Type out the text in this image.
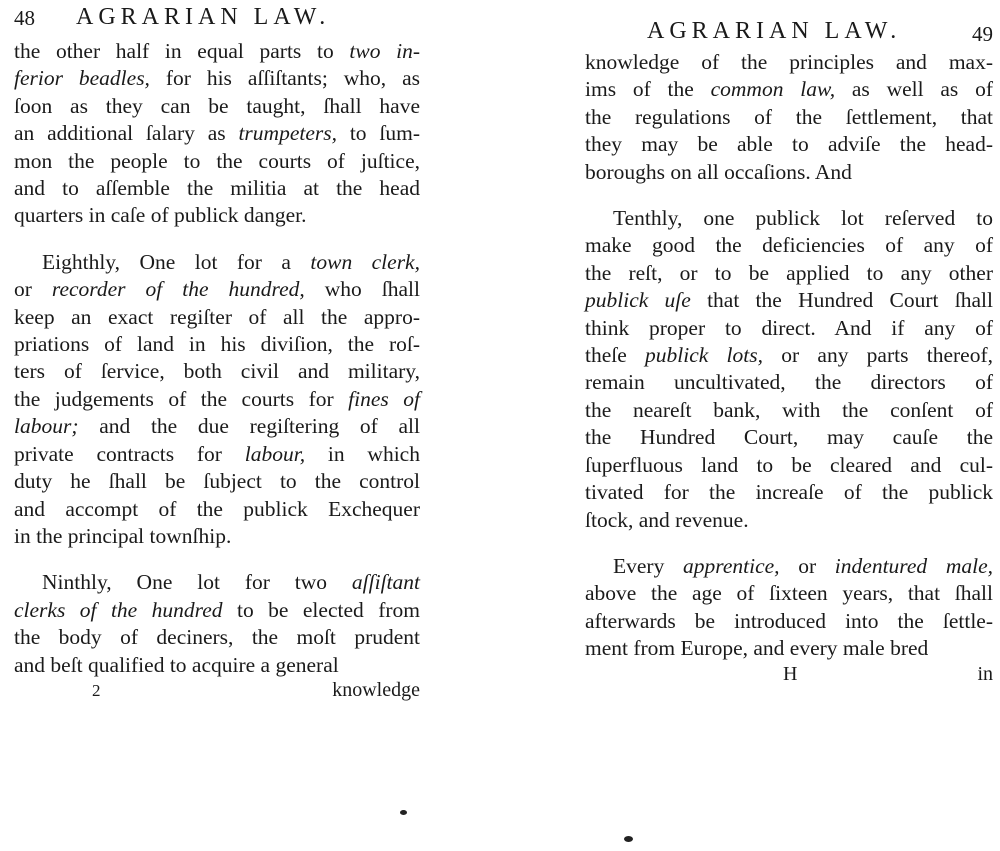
48 AGRARIAN LAW.

the other half in equal parts to two in-
ferior beadles, for his aſſiſtants; who, as
ſoon as they can be taught, ſhall have
an additional ſalary as trumpeters, to ſum-
mon the people to the courts of juſtice,
and to aſſemble the militia at the head
quarters in caſe of publick danger.

Eighthly, One lot for a town clerk,
or recorder of the hundred, who ſhall
keep an exact regiſter of all the appro-
priations of land in his diviſion, the roſ-
ters of ſervice, both civil and military,
the judgements of the courts for fines of
labour; and the due regiſtering of all
private contracts for labour, in which
duty he ſhall be ſubject to the control
and accompt of the publick Exchequer
in the principal townſhip.

Ninthly, One lot for two aſſiſtant
clerks of the hundred to be elected from
the body of deciners, the moſt prudent
and beſt qualified to acquire a general

2	knowledge
AGRARIAN LAW.	49

knowledge of the principles and max-
ims of the common law, as well as of
the regulations of the ſettlement, that
they may be able to adviſe the head-
boroughs on all occaſions. And

Tenthly, one publick lot reſerved to
make good the deficiencies of any of
the reſt, or to be applied to any other
publick uſe that the Hundred Court ſhall
think proper to direct. And if any of
theſe publick lots, or any parts thereof,
remain uncultivated, the directors of
the neareſt bank, with the conſent of
the Hundred Court, may cauſe the
ſuperfluous land to be cleared and cul-
tivated for the increaſe of the publick
ſtock, and revenue.

Every apprentice, or indentured male,
above the age of ſixteen years, that ſhall
afterwards be introduced into the ſettle-
ment from Europe, and every male bred

H	in
